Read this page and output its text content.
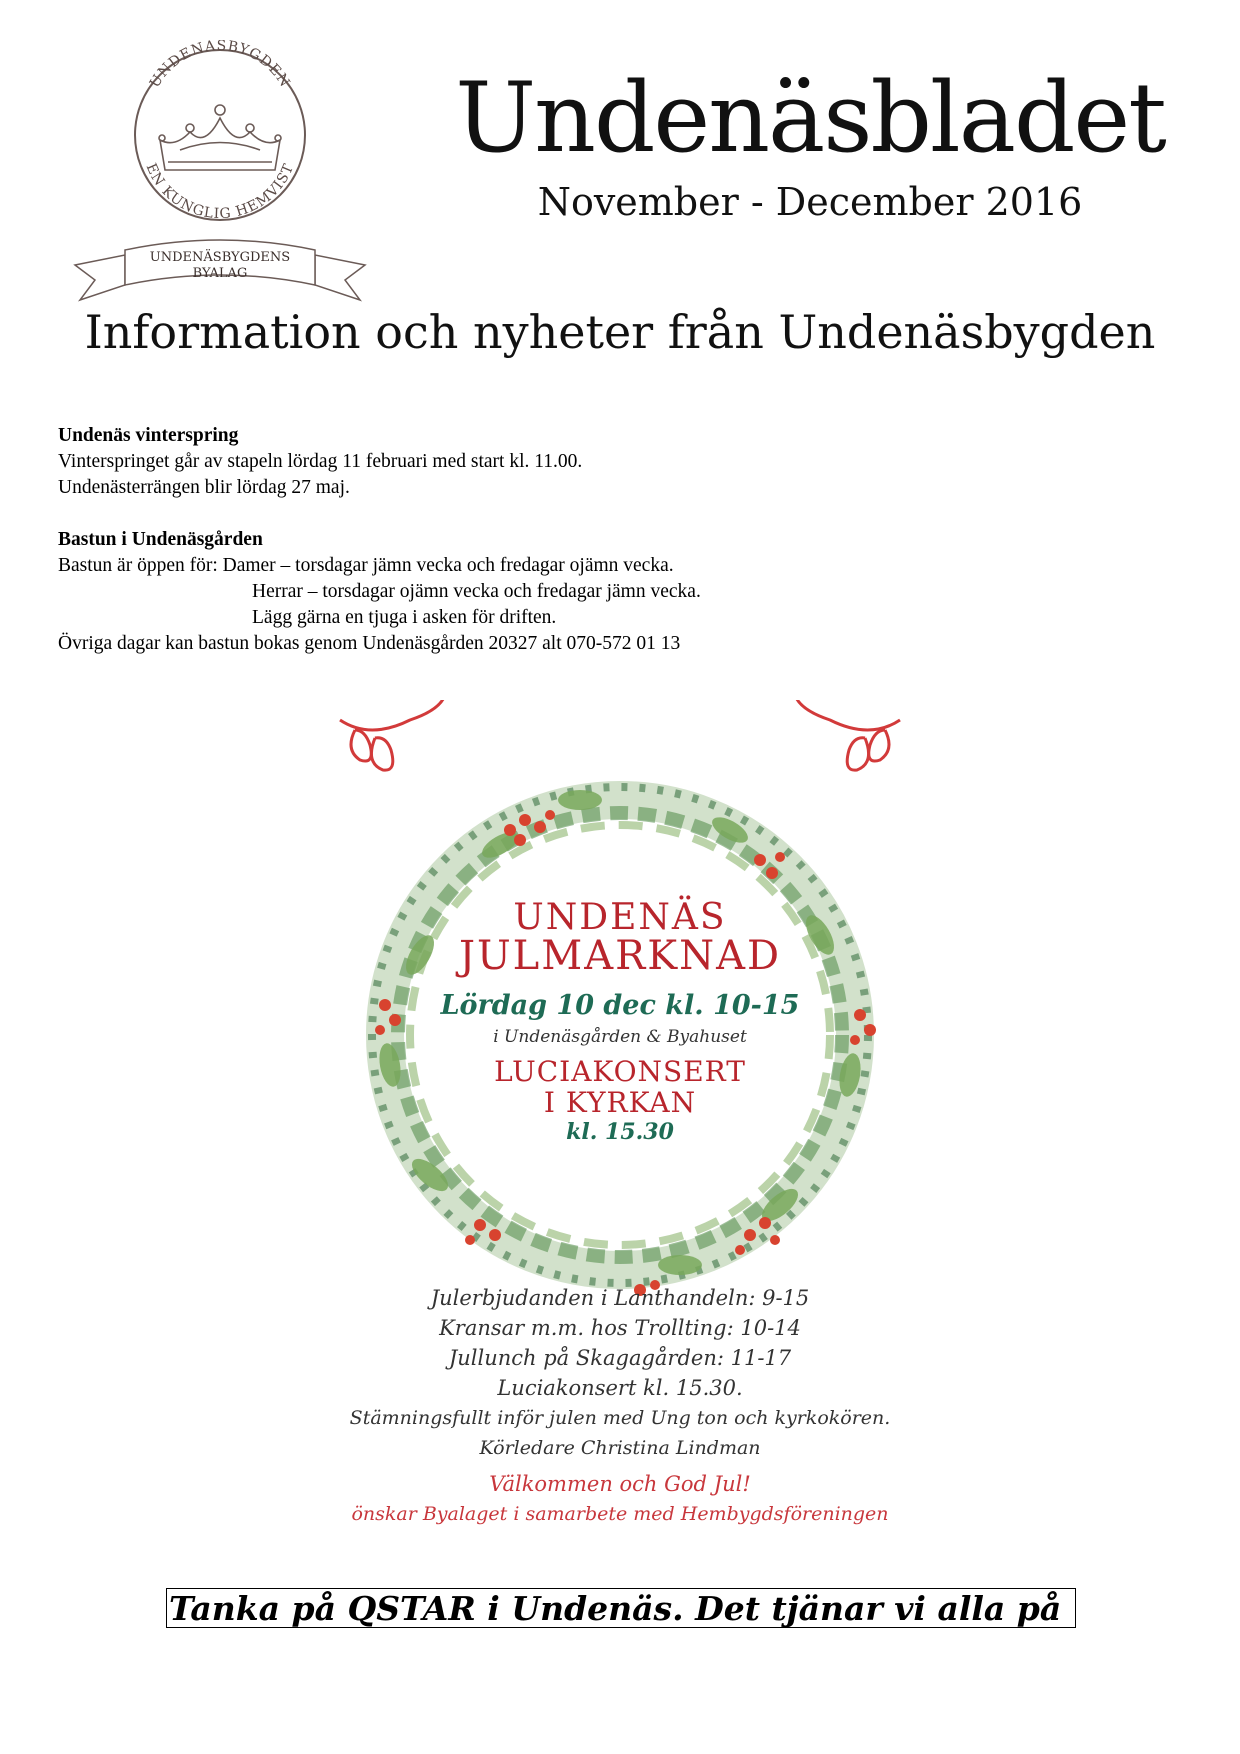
UNDENÄSBYGDEN
EN KUNGLIG HEMVIST
UNDENÄSBYGDENS
BYALAG
Undenäsbladet
November - December 2016
Information och nyheter från Undenäsbygden
Undenäs vinterspring

Vinterspringet går av stapeln lördag 11 februari med start kl. 11.00.

Undenästerrängen blir lördag 27 maj.

Bastun i Undenäsgården

Bastun är öppen för: Damer – torsdagar jämn vecka och fredagar ojämn vecka.

Herrar – torsdagar ojämn vecka och fredagar jämn vecka.

Lägg gärna en tjuga i asken för driften.

Övriga dagar kan bastun bokas genom Undenäsgården 20327 alt 070-572 01 13

UNDENÄS
JULMARKNAD
Lördag 10 dec kl. 10-15
i Undenäsgården & Byahuset
LUCIAKONSERT
I KYRKAN
kl. 15.30
Julerbjudanden i Lanthandeln: 9-15
Kransar m.m. hos Trollting: 10-14
Jullunch på Skagagården: 11-17
Luciakonsert kl. 15.30.
Stämningsfullt inför julen med Ung ton och kyrkokören.
Körledare Christina Lindman
Välkommen och God Jul!
önskar Byalaget i samarbete med Hembygdsföreningen
Tanka på QSTAR i Undenäs. Det tjänar vi alla på
